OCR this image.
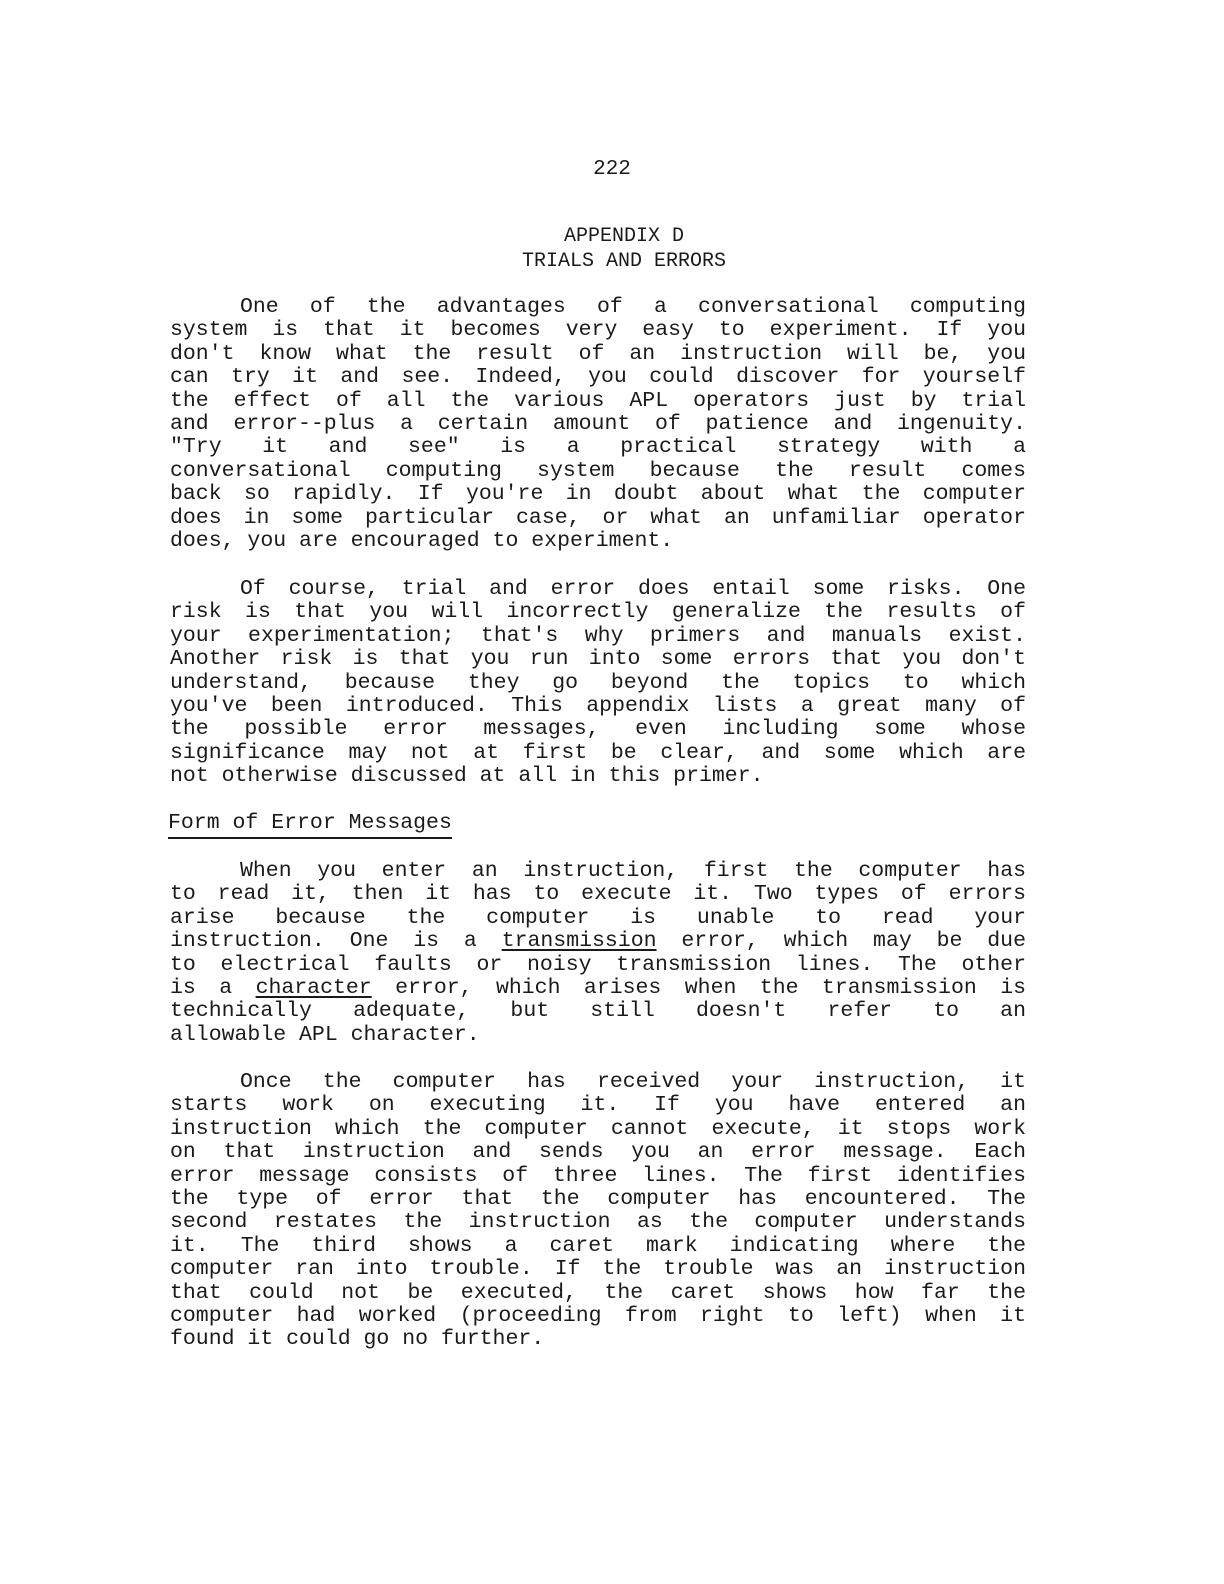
222
APPENDIX D
TRIALS AND ERRORS
One of the advantages of a conversational computing
system is that it becomes very easy to experiment. If you
don't know what the result of an instruction will be, you
can try it and see. Indeed, you could discover for yourself
the effect of all the various APL operators just by trial
and error--plus a certain amount of patience and ingenuity.
"Try it and see" is a practical strategy with a
conversational computing system because the result comes
back so rapidly. If you're in doubt about what the computer
does in some particular case, or what an unfamiliar operator
does, you are encouraged to experiment.
Of course, trial and error does entail some risks. One
risk is that you will incorrectly generalize the results of
your experimentation; that's why primers and manuals exist.
Another risk is that you run into some errors that you don't
understand, because they go beyond the topics to which
you've been introduced. This appendix lists a great many of
the possible error messages, even including some whose
significance may not at first be clear, and some which are
not otherwise discussed at all in this primer.
Form of Error Messages
When you enter an instruction, first the computer has
to read it, then it has to execute it. Two types of errors
arise because the computer is unable to read your
instruction. One is a transmission error, which may be due
to electrical faults or noisy transmission lines. The other
is a character error, which arises when the transmission is
technically adequate, but still doesn't refer to an
allowable APL character.
Once the computer has received your instruction, it
starts work on executing it. If you have entered an
instruction which the computer cannot execute, it stops work
on that instruction and sends you an error message. Each
error message consists of three lines. The first identifies
the type of error that the computer has encountered. The
second restates the instruction as the computer understands
it. The third shows a caret mark indicating where the
computer ran into trouble. If the trouble was an instruction
that could not be executed, the caret shows how far the
computer had worked (proceeding from right to left) when it
found it could go no further.
